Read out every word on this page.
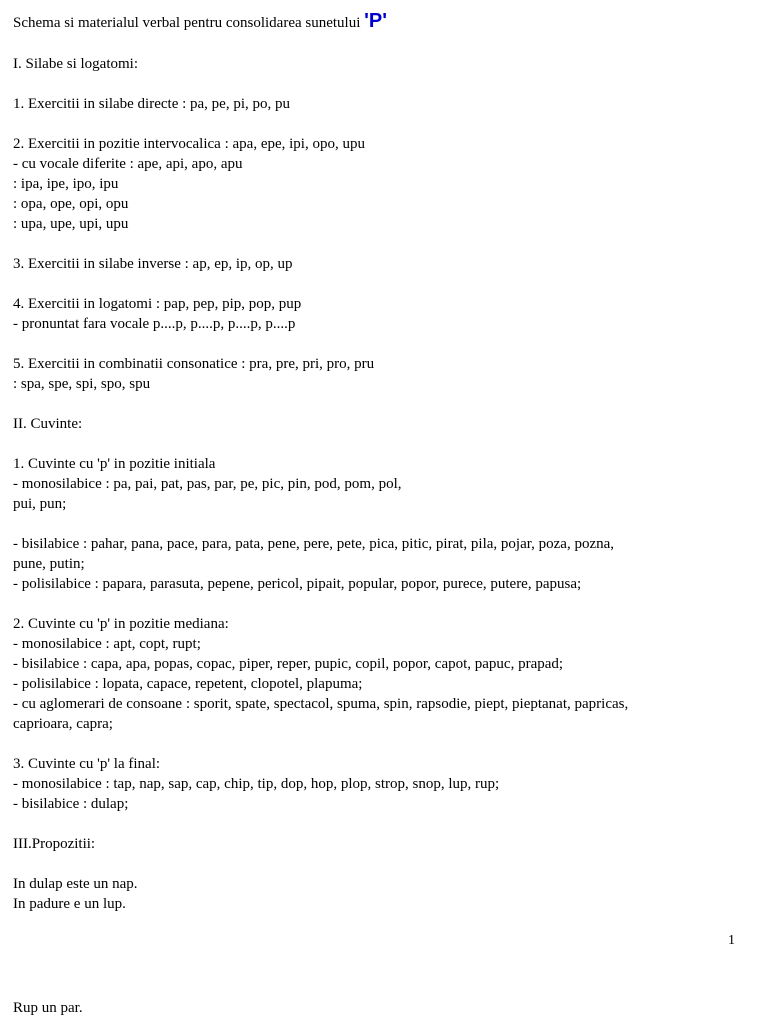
Schema si materialul verbal pentru consolidarea sunetului 'P'
I. Silabe si logatomi:
1. Exercitii in silabe directe : pa, pe, pi, po, pu
2. Exercitii in pozitie intervocalica : apa, epe, ipi, opo, upu
- cu vocale diferite : ape, api, apo, apu
: ipa, ipe, ipo, ipu
: opa, ope, opi, opu
: upa, upe, upi, upu
3. Exercitii in silabe inverse : ap, ep, ip, op, up
4. Exercitii in logatomi : pap, pep, pip, pop, pup
- pronuntat fara vocale p....p, p....p, p....p, p....p
5. Exercitii in combinatii consonatice : pra, pre, pri, pro, pru
: spa, spe, spi, spo, spu
II. Cuvinte:
1. Cuvinte cu 'p' in pozitie initiala
- monosilabice : pa, pai, pat, pas, par, pe, pic, pin, pod, pom, pol,
pui, pun;
- bisilabice : pahar, pana, pace, para, pata, pene, pere, pete, pica, pitic, pirat, pila, pojar, poza, pozna,
pune, putin;
- polisilabice : papara, parasuta, pepene, pericol, pipait, popular, popor, purece, putere, papusa;
2. Cuvinte cu 'p' in pozitie mediana:
- monosilabice : apt, copt, rupt;
- bisilabice : capa, apa, popas, copac, piper, reper, pupic, copil, popor, capot, papuc, prapad;
- polisilabice : lopata, capace, repetent, clopotel, plapuma;
- cu aglomerari de consoane : sporit, spate, spectacol, spuma, spin, rapsodie, piept, pieptanat, papricas,
caprioara, capra;
3. Cuvinte cu 'p' la final:
- monosilabice : tap, nap, sap, cap, chip, tip, dop, hop, plop, strop, snop, lup, rup;
- bisilabice : dulap;
III.Propozitii:
In dulap este un nap.
In padure e un lup.
1
Rup un par.
